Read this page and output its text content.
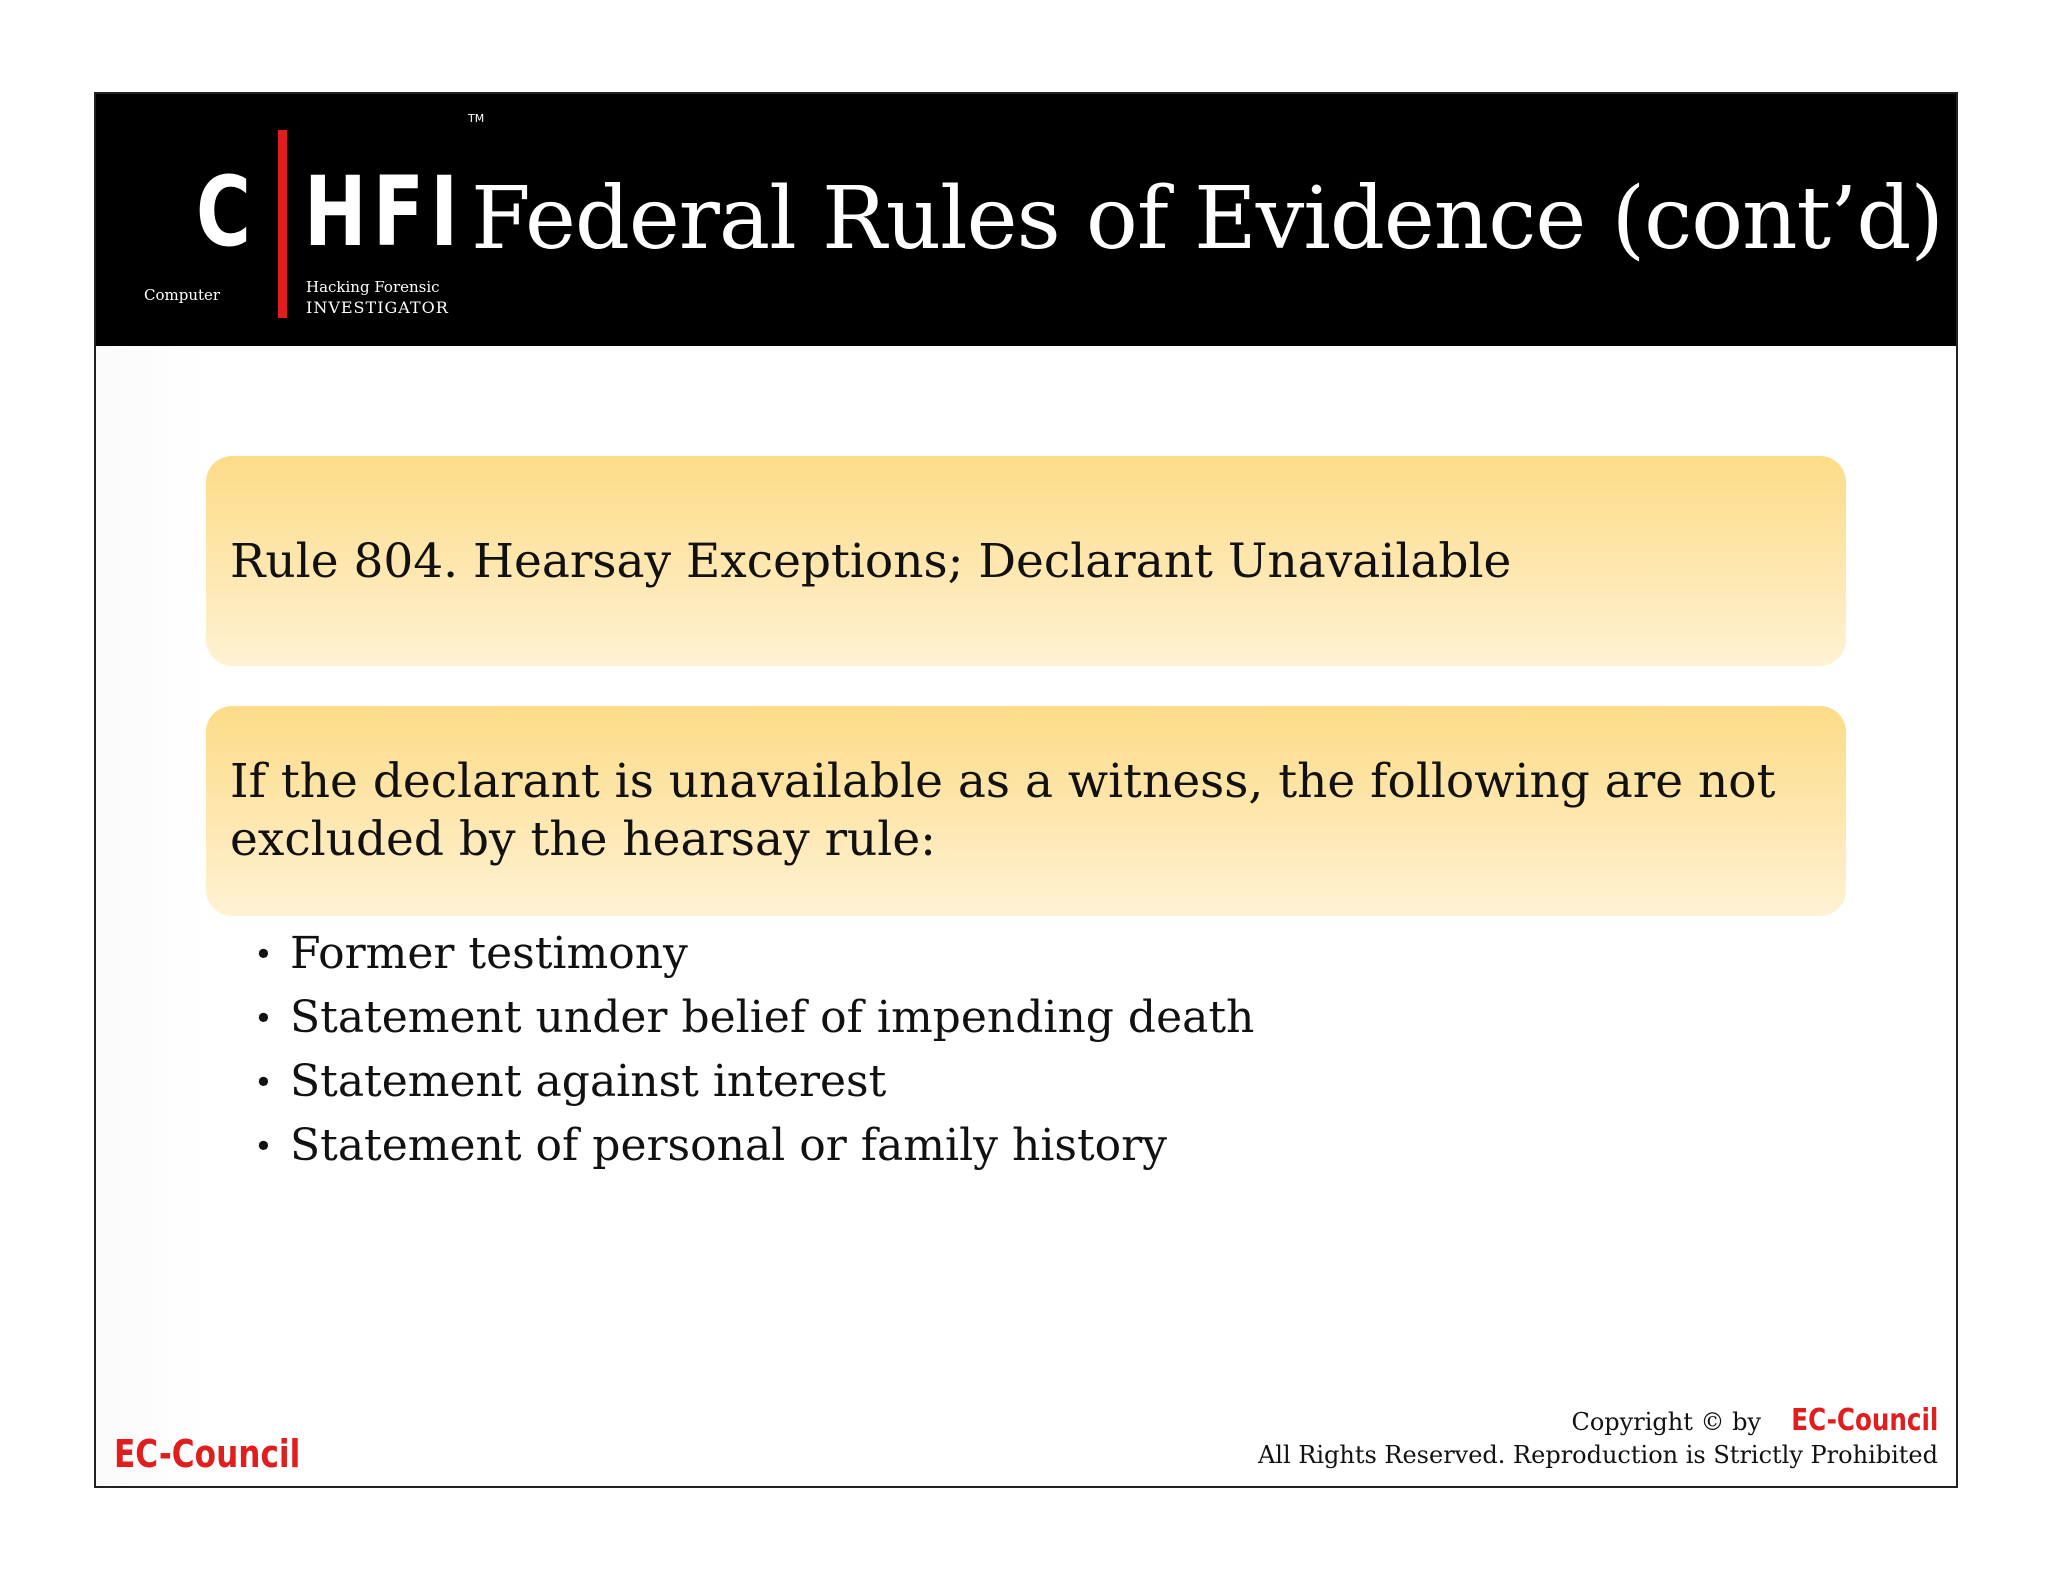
TM
C HFI
Computer	Hacking Forensic
INVESTIGATOR
Federal Rules of Evidence (cont’d)
Rule 804. Hearsay Exceptions; Declarant Unavailable
If the declarant is unavailable as a witness, the following are not
excluded by the hearsay rule:
• Former testimony
• Statement under belief of impending death
• Statement against interest
• Statement of personal or family history
EC-Council
Copyright © by EC-Council
All Rights Reserved. Reproduction is Strictly Prohibited
